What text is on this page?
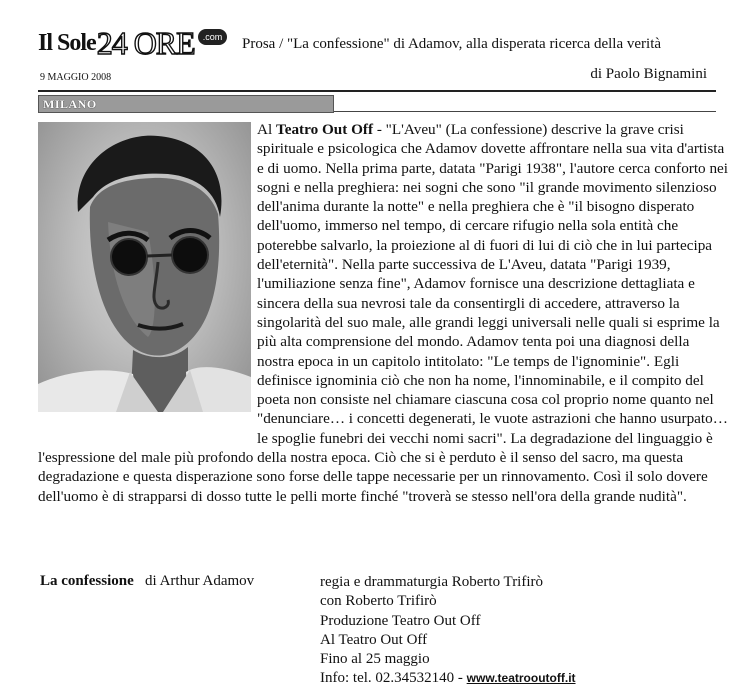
Il Sole 24 ORE .com	Prosa / "La confessione" di Adamov, alla disperata ricerca della verità
9 MAGGIO 2008	di Paolo Bignamini
MILANO
Al Teatro Out Off - "L'Aveu" (La confessione) descrive la grave crisi spirituale e psicologica che Adamov dovette affrontare nella sua vita d'artista e di uomo. Nella prima parte, datata "Parigi 1938", l'autore cerca conforto nei sogni e nella preghiera: nei sogni che sono "il grande movimento silenzioso dell'anima durante la notte" e nella preghiera che è "il bisogno disperato dell'uomo, immerso nel tempo, di cercare rifugio nella sola entità che poterebbe salvarlo, la proiezione al di fuori di lui di ciò che in lui partecipa dell'eternità". Nella parte successiva de L'Aveu, datata "Parigi 1939, l'umiliazione senza fine", Adamov fornisce una descrizione dettagliata e sincera della sua nevrosi tale da consentirgli di accedere, attraverso la singolarità del suo male, alle grandi leggi universali nelle quali si esprime la più alta comprensione del mondo. Adamov tenta poi una diagnosi della nostra epoca in un capitolo intitolato: "Le temps de l'ignominie". Egli definisce ignominia ciò che non ha nome, l'innominabile, e il compito del poeta non consiste nel chiamare ciascuna cosa col proprio nome quanto nel "denunciare… i concetti degenerati, le vuote astrazioni che hanno usurpato… le spoglie funebri dei vecchi nomi sacri". La degradazione del linguaggio è l'espressione del male più profondo della nostra epoca. Ciò che si è perduto è il senso del sacro, ma questa degradazione e questa disperazione sono forse delle tappe necessarie per un rinnovamento. Così il solo dovere dell'uomo è di strapparsi di dosso tutte le pelli morte finché "troverà se stesso nell'ora della grande nudità".
La confessione di Arthur Adamov	regia e drammaturgia Roberto Trifirò
con Roberto Trifirò
Produzione Teatro Out Off
Al Teatro Out Off
Fino al 25 maggio
Info: tel. 02.34532140 - www.teatrooutoff.it
